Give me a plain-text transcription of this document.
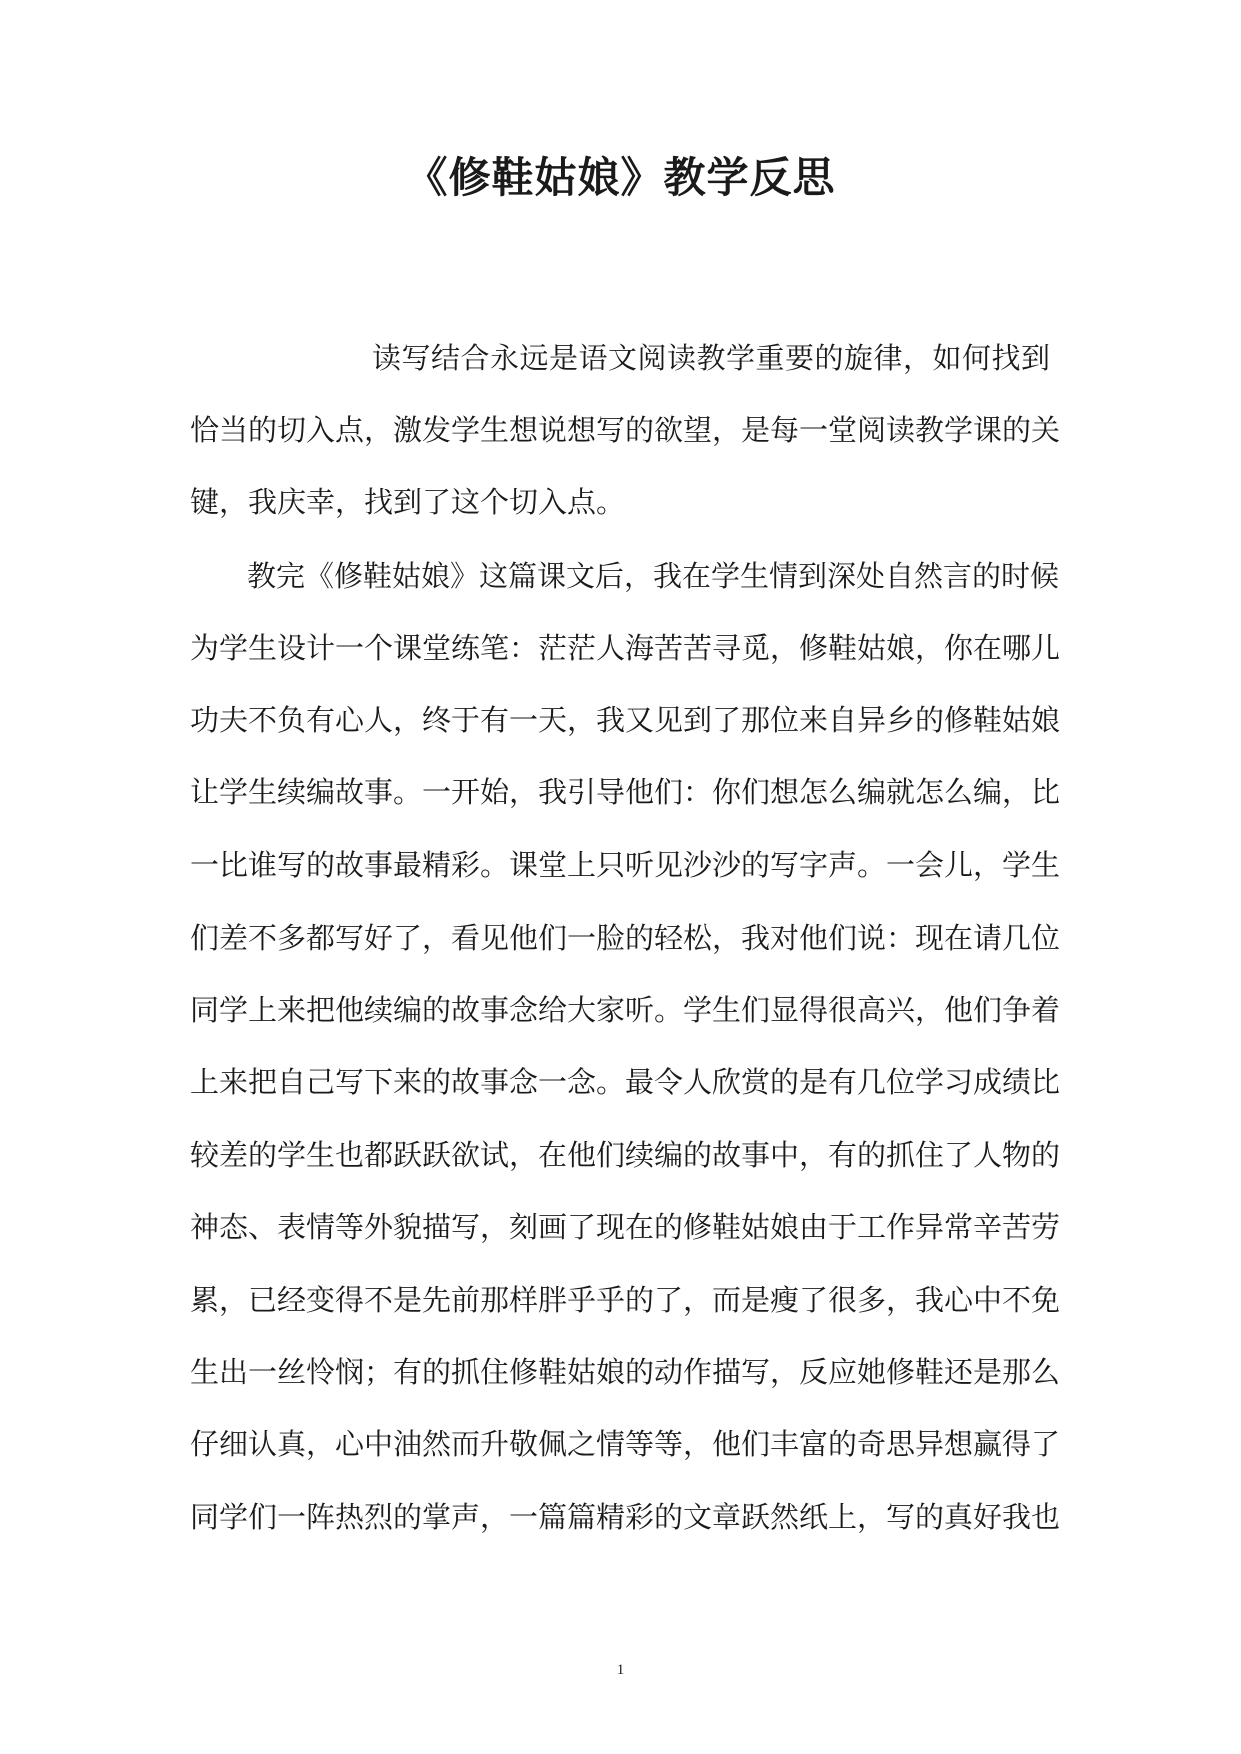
《修鞋姑娘》教学反思
读写结合永远是语文阅读教学重要的旋律，如何找到
恰当的切入点，激发学生想说想写的欲望，是每一堂阅读教学课的关
键，我庆幸，找到了这个切入点。
教完《修鞋姑娘》这篇课文后，我在学生情到深处自然言的时候
为学生设计一个课堂练笔：茫茫人海苦苦寻觅，修鞋姑娘，你在哪儿
功夫不负有心人，终于有一天，我又见到了那位来自异乡的修鞋姑娘
让学生续编故事。一开始，我引导他们：你们想怎么编就怎么编，比
一比谁写的故事最精彩。课堂上只听见沙沙的写字声。一会儿，学生
们差不多都写好了，看见他们一脸的轻松，我对他们说：现在请几位
同学上来把他续编的故事念给大家听。学生们显得很高兴，他们争着
上来把自己写下来的故事念一念。最令人欣赏的是有几位学习成绩比
较差的学生也都跃跃欲试，在他们续编的故事中，有的抓住了人物的
神态、表情等外貌描写，刻画了现在的修鞋姑娘由于工作异常辛苦劳
累，已经变得不是先前那样胖乎乎的了，而是瘦了很多，我心中不免
生出一丝怜悯；有的抓住修鞋姑娘的动作描写，反应她修鞋还是那么
仔细认真，心中油然而升敬佩之情等等，他们丰富的奇思异想赢得了
同学们一阵热烈的掌声，一篇篇精彩的文章跃然纸上，写的真好我也
1
